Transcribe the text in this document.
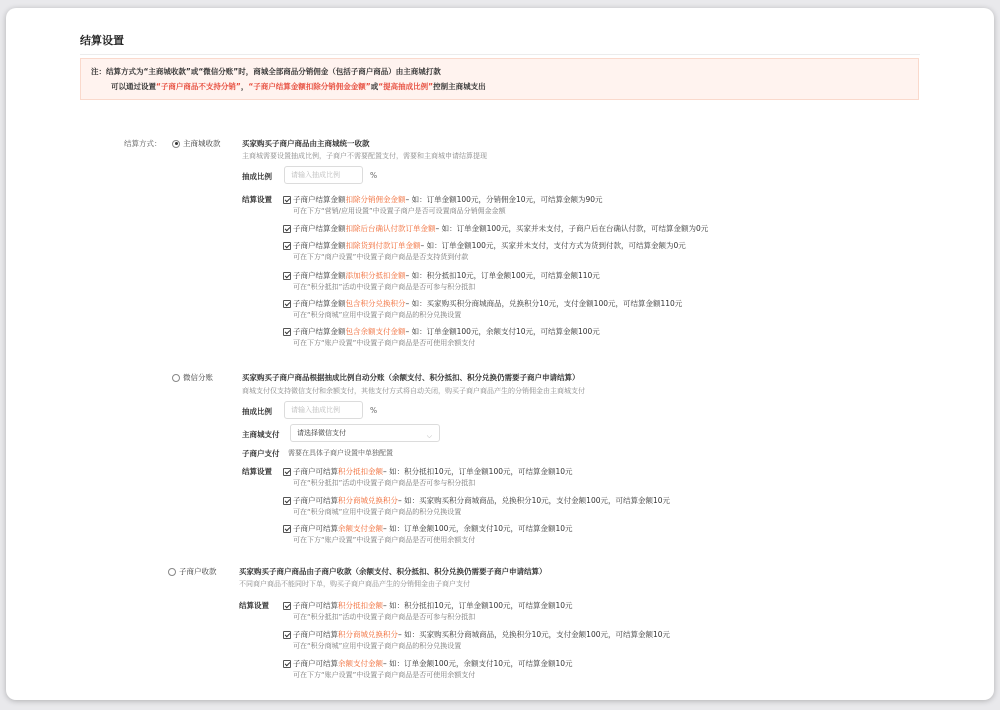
结算设置
注：结算方式为“主商城收款”或“微信分账”时，商城全部商品分销佣金（包括子商户商品）由主商城打款
可以通过设置“子商户商品不支持分销”，“子商户结算金额扣除分销佣金金额”或“提高抽成比例”控制主商城支出
结算方式：	主商城收款	买家购买子商户商品由主商城统一收款
主商城需要设置抽成比例，子商户不需要配置支付，需要和主商城申请结算提现
抽成比例	请输入抽成比例	%
结算设置	子商户结算金额 扣除分销佣金金额 – 如：订单金额100元，分销佣金10元，可结算金额为90元
可在下方“营销/应用设置”中设置子商户是否可设置商品分销佣金金额
子商户结算金额 扣除后台确认付款订单金额 – 如：订单金额100元，买家并未支付，子商户后在台确认付款，可结算金额为0元
子商户结算金额 扣除货到付款订单金额 – 如：订单金额100元，买家并未支付，支付方式为货到付款，可结算金额为0元
可在下方“商户设置”中设置子商户商品是否支持货到付款
子商户结算金额 添加积分抵扣金额 – 如：积分抵扣10元，订单金额100元，可结算金额110元
可在“积分抵扣”活动中设置子商户商品是否可参与积分抵扣
子商户结算金额 包含积分兑换积分 – 如：买家购买积分商城商品，兑换积分10元，支付金额100元，可结算金额110元
可在“积分商城”应用中设置子商户商品的积分兑换设置
子商户结算金额 包含余额支付金额 – 如：订单金额100元，余额支付10元，可结算金额100元
可在下方“账户设置”中设置子商户商品是否可使用余额支付
微信分账	买家购买子商户商品根据抽成比例自动分账（余额支付、积分抵扣、积分兑换仍需要子商户申请结算）
商城支付仅支持微信支付和余额支付，其他支付方式将自动关闭，购买子商户商品产生的分销佣金由主商城支付
抽成比例	请输入抽成比例	%
主商城支付	请选择微信支付	⌵
子商户支付 需要在具体子商户设置中单独配置
结算设置	子商户可结算 积分抵扣金额 – 如：积分抵扣10元，订单金额100元，可结算金额10元
可在“积分抵扣”活动中设置子商户商品是否可参与积分抵扣
子商户可结算 积分商城兑换积分 – 如：买家购买积分商城商品，兑换积分10元，支付金额100元，可结算金额10元
可在“积分商城”应用中设置子商户商品的积分兑换设置
子商户可结算 余额支付金额 – 如：订单金额100元，余额支付10元，可结算金额10元
可在下方“账户设置”中设置子商户商品是否可使用余额支付
子商户收款	买家购买子商户商品由子商户收款（余额支付、积分抵扣、积分兑换仍需要子商户申请结算）
不同商户商品不能同时下单，购买子商户商品产生的分销佣金由子商户支付
结算设置	子商户可结算 积分抵扣金额 – 如：积分抵扣10元，订单金额100元，可结算金额10元
可在“积分抵扣”活动中设置子商户商品是否可参与积分抵扣
子商户可结算 积分商城兑换积分 – 如：买家购买积分商城商品，兑换积分10元，支付金额100元，可结算金额10元
可在“积分商城”应用中设置子商户商品的积分兑换设置
子商户可结算 余额支付金额 – 如：订单金额100元，余额支付10元，可结算金额10元
可在下方“账户设置”中设置子商户商品是否可使用余额支付
